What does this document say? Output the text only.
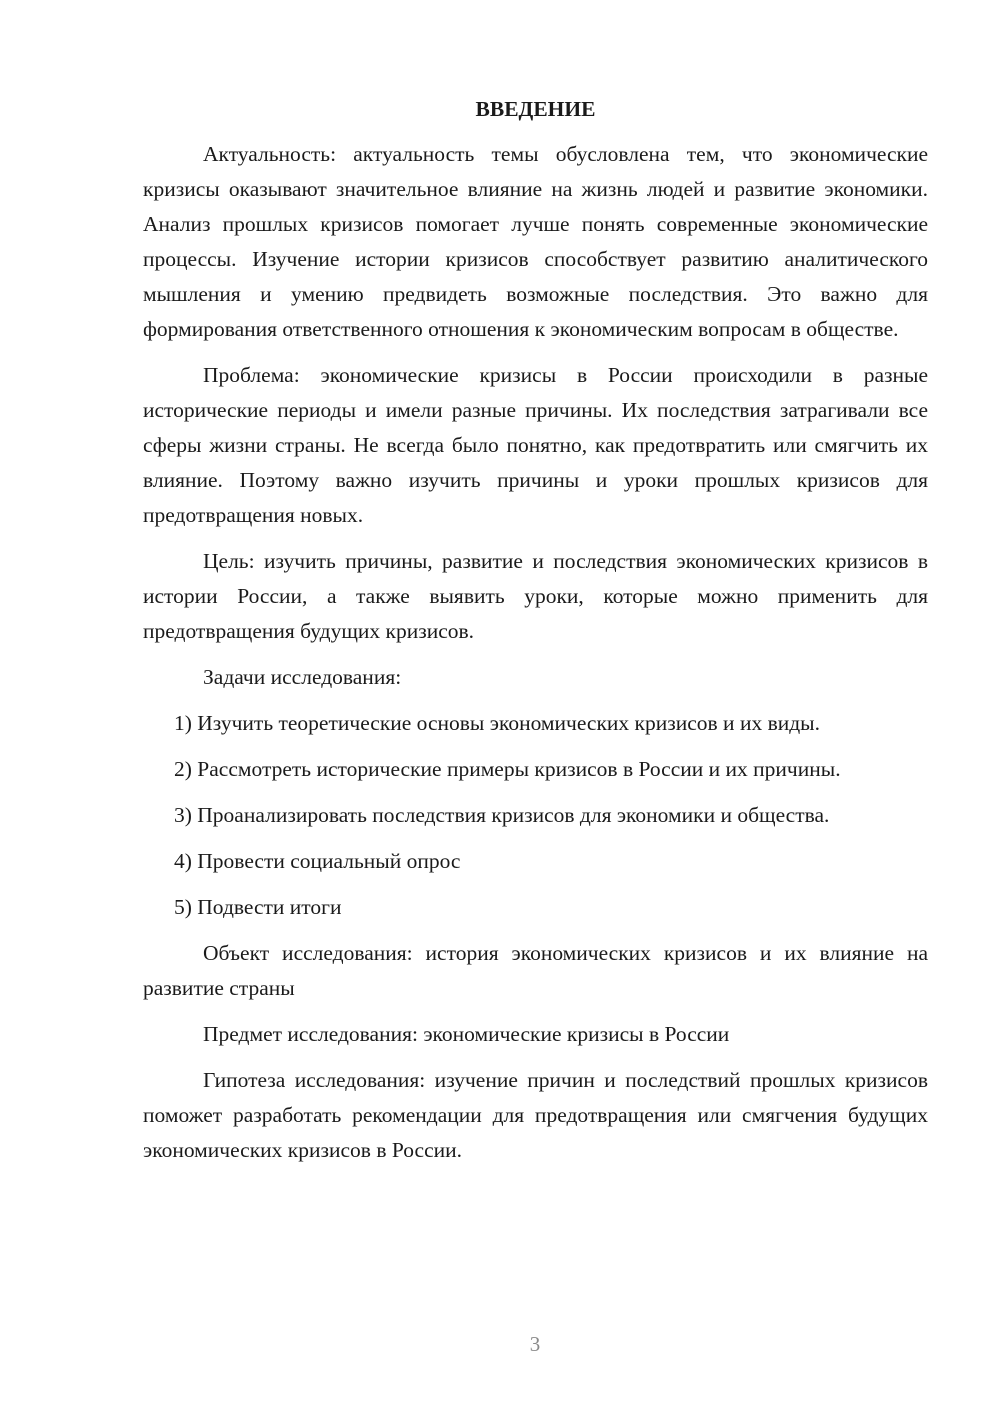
ВВЕДЕНИЕ

Актуальность: актуальность темы обусловлена тем, что экономические кризисы оказывают значительное влияние на жизнь людей и развитие экономики. Анализ прошлых кризисов помогает лучше понять современные экономические процессы. Изучение истории кризисов способствует развитию аналитического мышления и умению предвидеть возможные последствия. Это важно для формирования ответственного отношения к экономическим вопросам в обществе.

Проблема: экономические кризисы в России происходили в разные исторические периоды и имели разные причины. Их последствия затрагивали все сферы жизни страны. Не всегда было понятно, как предотвратить или смягчить их влияние. Поэтому важно изучить причины и уроки прошлых кризисов для предотвращения новых.

Цель: изучить причины, развитие и последствия экономических кризисов в истории России, а также выявить уроки, которые можно применить для предотвращения будущих кризисов.

Задачи исследования:

1) Изучить теоретические основы экономических кризисов и их виды.

2) Рассмотреть исторические примеры кризисов в России и их причины.

3) Проанализировать последствия кризисов для экономики и общества.

4) Провести социальный опрос

5) Подвести итоги

Объект исследования: история экономических кризисов и их влияние на развитие страны

Предмет исследования: экономические кризисы в России

Гипотеза исследования: изучение причин и последствий прошлых кризисов поможет разработать рекомендации для предотвращения или смягчения будущих экономических кризисов в России.

3
